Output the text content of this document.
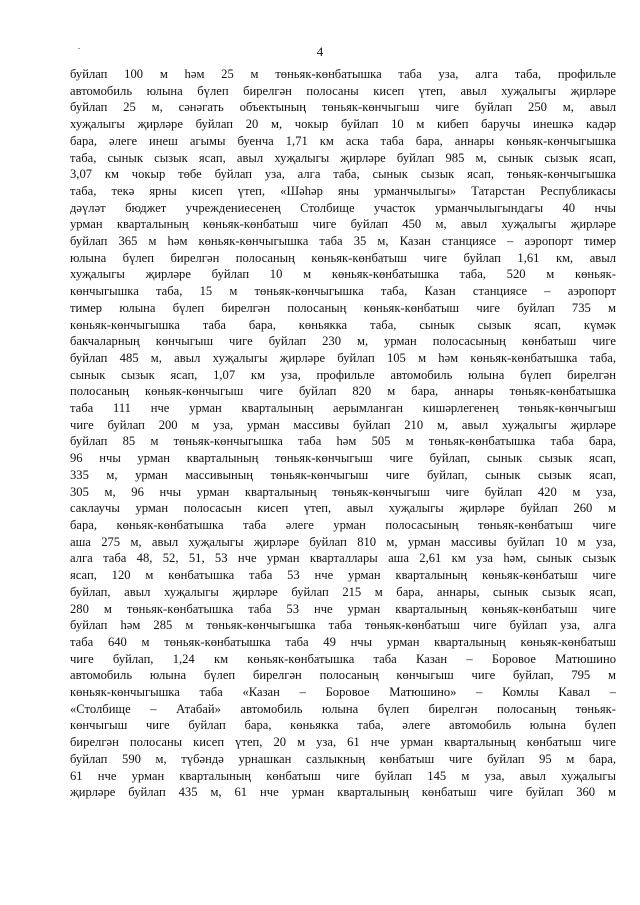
4
буйлап 100 м һәм 25 м төньяк-көнбатышка таба уза, алга таба, профильле
автомобиль юлына бүлеп бирелгән полосаны кисеп үтеп, авыл хуҗалыгы җирләре
буйлап 25 м, сәнәгать объектының төньяк-көнчыгыш чиге буйлап 250 м, авыл
хуҗалыгы җирләре буйлап 20 м, чокыр буйлап 10 м кибеп баручы инешкә кадәр
бара, әлеге инеш агымы буенча 1,71 км аска таба бара, аннары көньяк-көнчыгышка
таба, сынык сызык ясап, авыл хуҗалыгы җирләре буйлап 985 м, сынык сызык ясап,
3,07 км чокыр төбе буйлап уза, алга таба, сынык сызык ясап, төньяк-көнчыгышка
таба, текә ярны кисеп үтеп, «Шәһәр яны урманчылыгы» Татарстан Республикасы
дәүләт бюджет учреждениесенең Столбище участок урманчылыгындагы 40 нчы
урман кварталының көньяк-көнбатыш чиге буйлап 450 м, авыл хуҗалыгы җирләре
буйлап 365 м һәм көньяк-көнчыгышка таба 35 м, Казан станциясе – аэропорт тимер
юлына бүлеп бирелгән полосаның көньяк-көнбатыш чиге буйлап 1,61 км, авыл
хуҗалыгы җирләре буйлап 10 м көньяк-көнбатышка таба, 520 м көньяк-
көнчыгышка таба, 15 м төньяк-көнчыгышка таба, Казан станциясе – аэропорт
тимер юлына бүлеп бирелгән полосаның көньяк-көнбатыш чиге буйлап 735 м
көньяк-көнчыгышка таба бара, көньякка таба, сынык сызык ясап, күмәк
бакчаларның көнчыгыш чиге буйлап 230 м, урман полосасының көнбатыш чиге
буйлап 485 м, авыл хуҗалыгы җирләре буйлап 105 м һәм көньяк-көнбатышка таба,
сынык сызык ясап, 1,07 км уза, профильле автомобиль юлына бүлеп бирелгән
полосаның көньяк-көнчыгыш чиге буйлап 820 м бара, аннары төньяк-көнбатышка
таба 111 нче урман кварталының аерымланган кишәрлегенең төньяк-көнчыгыш
чиге буйлап 200 м уза, урман массивы буйлап 210 м, авыл хуҗалыгы җирләре
буйлап 85 м төньяк-көнчыгышка таба һәм 505 м төньяк-көнбатышка таба бара,
96 нчы урман кварталының төньяк-көнчыгыш чиге буйлап, сынык сызык ясап,
335 м, урман массивының төньяк-көнчыгыш чиге буйлап, сынык сызык ясап,
305 м, 96 нчы урман кварталының төньяк-көнчыгыш чиге буйлап 420 м уза,
саклаучы урман полосасын кисеп үтеп, авыл хуҗалыгы җирләре буйлап 260 м
бара, көньяк-көнбатышка таба әлеге урман полосасының төньяк-көнбатыш чиге
аша 275 м, авыл хуҗалыгы җирләре буйлап 810 м, урман массивы буйлап 10 м уза,
алга таба 48, 52, 51, 53 нче урман кварталлары аша 2,61 км уза һәм, сынык сызык
ясап, 120 м көнбатышка таба 53 нче урман кварталының көньяк-көнбатыш чиге
буйлап, авыл хуҗалыгы җирләре буйлап 215 м бара, аннары, сынык сызык ясап,
280 м төньяк-көнбатышка таба 53 нче урман кварталының көньяк-көнбатыш чиге
буйлап һәм 285 м төньяк-көнчыгышка таба төньяк-көнбатыш чиге буйлап уза, алга
таба 640 м төньяк-көнбатышка таба 49 нчы урман кварталының көньяк-көнбатыш
чиге буйлап, 1,24 км көньяк-көнбатышка таба Казан – Боровое Матюшино
автомобиль юлына бүлеп бирелгән полосаның көнчыгыш чиге буйлап, 795 м
көньяк-көнчыгышка таба «Казан – Боровое Матюшино» – Комлы Кавал –
«Столбище – Атабай» автомобиль юлына бүлеп бирелгән полосаның төньяк-
көнчыгыш чиге буйлап бара, көньякка таба, әлеге автомобиль юлына бүлеп
бирелгән полосаны кисеп үтеп, 20 м уза, 61 нче урман кварталының көнбатыш чиге
буйлап 590 м, түбәндә урнашкан сазлыкның көнбатыш чиге буйлап 95 м бара,
61 нче урман кварталының көнбатыш чиге буйлап 145 м уза, авыл хуҗалыгы
җирләре буйлап 435 м, 61 нче урман кварталының көнбатыш чиге буйлап 360 м
